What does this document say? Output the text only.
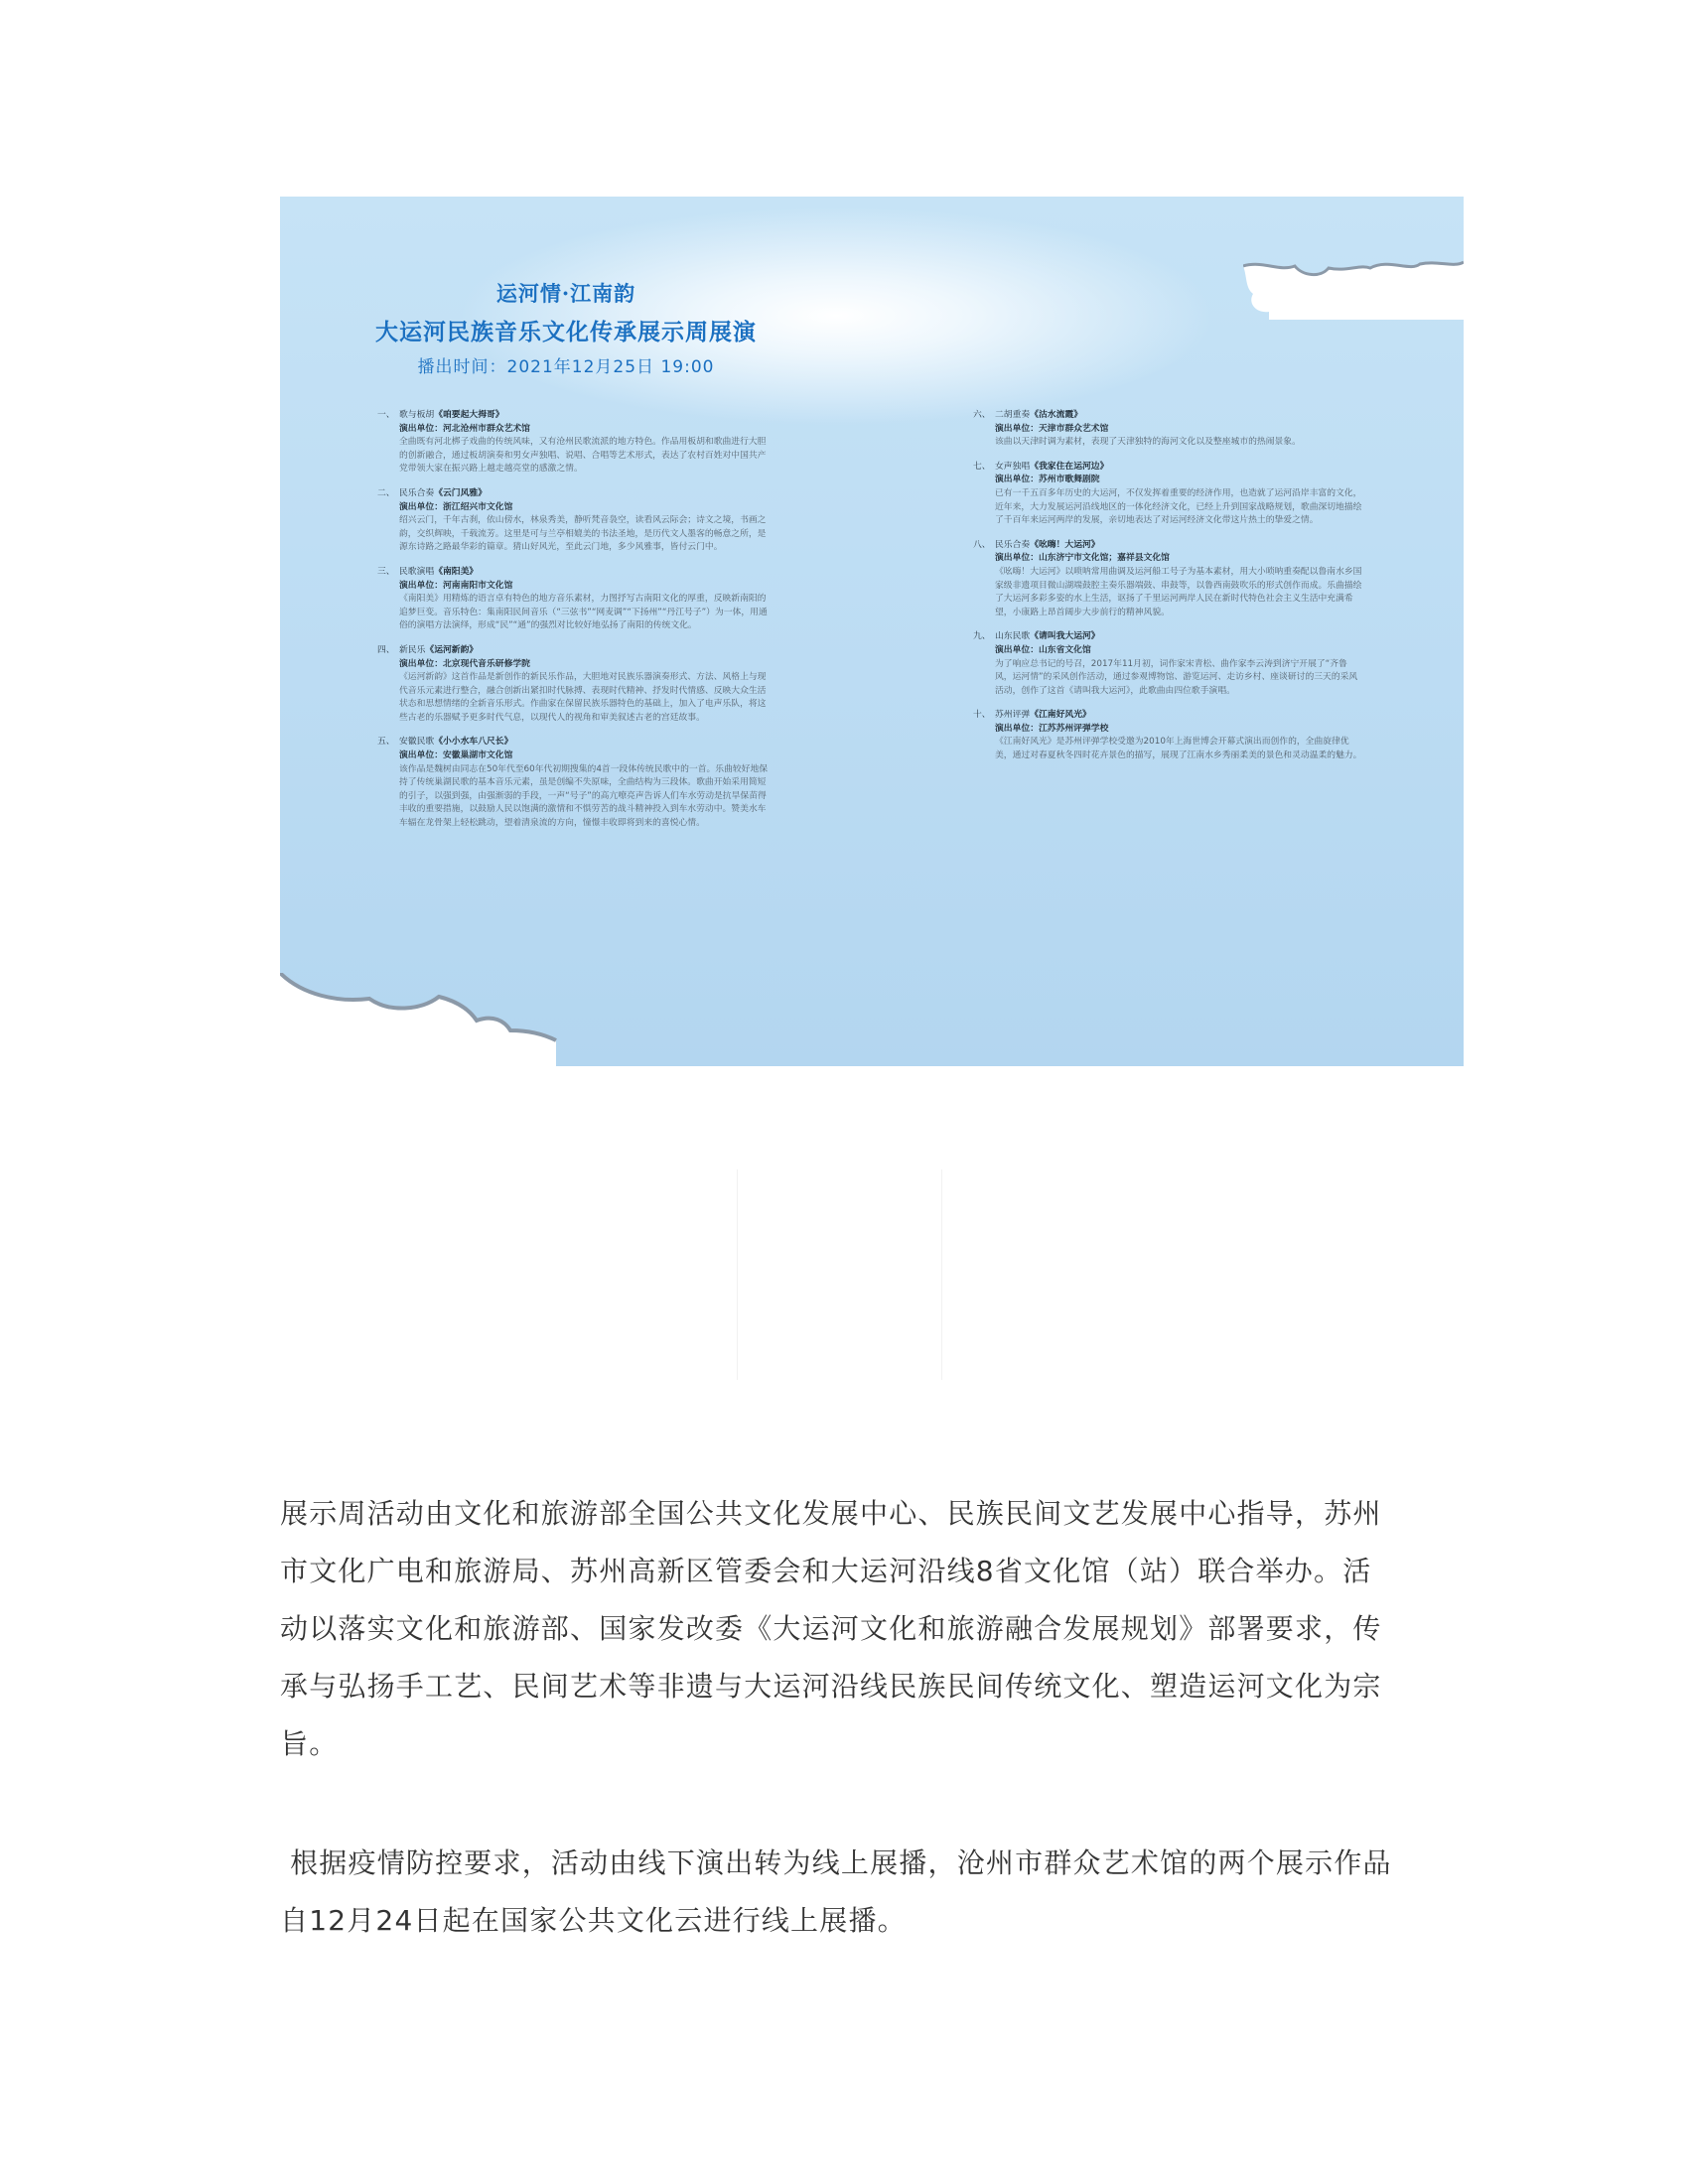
运河情·江南韵
大运河民族音乐文化传承展示周展演
播出时间：2021年12月25日 19:00
一、 歌与板胡《咱要起大拇哥》
演出单位：河北沧州市群众艺术馆
全曲既有河北梆子戏曲的传统风味，又有沧州民歌流派的地方特色。作品用板胡和歌曲进行大胆的创新融合，通过板胡演奏和男女声独唱、说唱、合唱等艺术形式，表达了农村百姓对中国共产党带领大家在振兴路上越走越亮堂的感激之情。
二、 民乐合奏《云门风雅》
演出单位：浙江绍兴市文化馆
绍兴云门，千年古刹，依山傍水，林泉秀美，静听梵音袅空，读看风云际会；诗文之境，书画之韵，交织辉映，千载流芳。这里是可与兰亭相媲美的书法圣地，是历代文人墨客的畅意之所，是源东诗路之路最华彩的篇章。猜山好风光，至此云门地，多少风雅事，皆付云门中。
三、 民歌演唱《南阳美》
演出单位：河南南阳市文化馆
《南阳美》用精炼的语言卓有特色的地方音乐素材，力图抒写古南阳文化的厚重，反映新南阳的追梦巨变。音乐特色：集南阳民间音乐（“三弦书”“网麦调”“下扬州”“丹江号子”）为一体，用通俗的演唱方法演绎，形成“民”“通”的强烈对比较好地弘扬了南阳的传统文化。
四、 新民乐《运河新韵》
演出单位：北京现代音乐研修学院
《运河新韵》这首作品是新创作的新民乐作品，大胆地对民族乐器演奏形式、方法、风格上与现代音乐元素进行整合，融合创新出紧扣时代脉搏、表现时代精神、抒发时代情感、反映大众生活状态和思想情绪的全新音乐形式。作曲家在保留民族乐器特色的基础上，加入了电声乐队，将这些古老的乐器赋予更多时代气息，以现代人的视角和审美叙述古老的宫廷故事。
五、 安徽民歌《小小水车八尺长》
演出单位：安徽巢湖市文化馆
该作品是魏树由同志在50年代至60年代初期搜集的4首一段体传统民歌中的一首。乐曲较好地保持了传统巢湖民歌的基本音乐元素，虽是创编不失原味，全曲结构为三段体。歌曲开始采用简短的引子，以强到强，由强渐弱的手段，一声“号子”的高亢嘹亮声告诉人们车水劳动是抗旱保苗得丰收的重要措施，以鼓励人民以饱满的激情和不惧劳苦的战斗精神投入到车水劳动中。赞美水车车辐在龙骨架上轻松跳动，望着清泉流的方向，憧憬丰收即将到来的喜悦心情。
六、 二胡重奏《沽水流霞》
演出单位：天津市群众艺术馆
该曲以天津时调为素材，表现了天津独特的海河文化以及整座城市的热闹景象。
七、 女声独唱《我家住在运河边》
演出单位：苏州市歌舞剧院
已有一千五百多年历史的大运河，不仅发挥着重要的经济作用，也造就了运河沿岸丰富的文化，近年来，大力发展运河沿线地区的一体化经济文化，已经上升到国家战略规划，歌曲深切地描绘了千百年来运河两岸的发展，亲切地表达了对运河经济文化带这片热土的挚爱之情。
八、 民乐合奏《吆嗨！大运河》
演出单位：山东济宁市文化馆；嘉祥县文化馆
《吆嗨！大运河》以唢呐常用曲调及运河船工号子为基本素材，用大小唢呐重奏配以鲁南水乡国家级非遗项目微山湖端鼓腔主奏乐器端鼓、串鼓等，以鲁西南鼓吹乐的形式创作而成。乐曲描绘了大运河多彩多姿的水上生活，讴扬了千里运河两岸人民在新时代特色社会主义生活中充满希望，小康路上昂首阔步大步前行的精神风貌。
九、 山东民歌《请叫我大运河》
演出单位：山东省文化馆
为了响应总书记的号召，2017年11月初，词作家宋青松、曲作家李云涛到济宁开展了“齐鲁风，运河情”的采风创作活动，通过参观博物馆、游览运河、走访乡村、座谈研讨的三天的采风活动，创作了这首《请叫我大运河》，此歌曲由四位歌手演唱。
十、 苏州评弹《江南好风光》
演出单位：江苏苏州评弹学校
《江南好风光》是苏州评弹学校受邀为2010年上海世博会开幕式演出而创作的，全曲旋律优美，通过对春夏秋冬四时花卉景色的描写，展现了江南水乡秀丽柔美的景色和灵动温柔的魅力。
展示周活动由文化和旅游部全国公共文化发展中心、民族民间文艺发展中心指导，苏州市文化广电和旅游局、苏州高新区管委会和大运河沿线8省文化馆（站）联合举办。活动以落实文化和旅游部、国家发改委《大运河文化和旅游融合发展规划》部署要求，传承与弘扬手工艺、民间艺术等非遗与大运河沿线民族民间传统文化、塑造运河文化为宗旨。
根据疫情防控要求，活动由线下演出转为线上展播，沧州市群众艺术馆的两个展示作品自12月24日起在国家公共文化云进行线上展播。
